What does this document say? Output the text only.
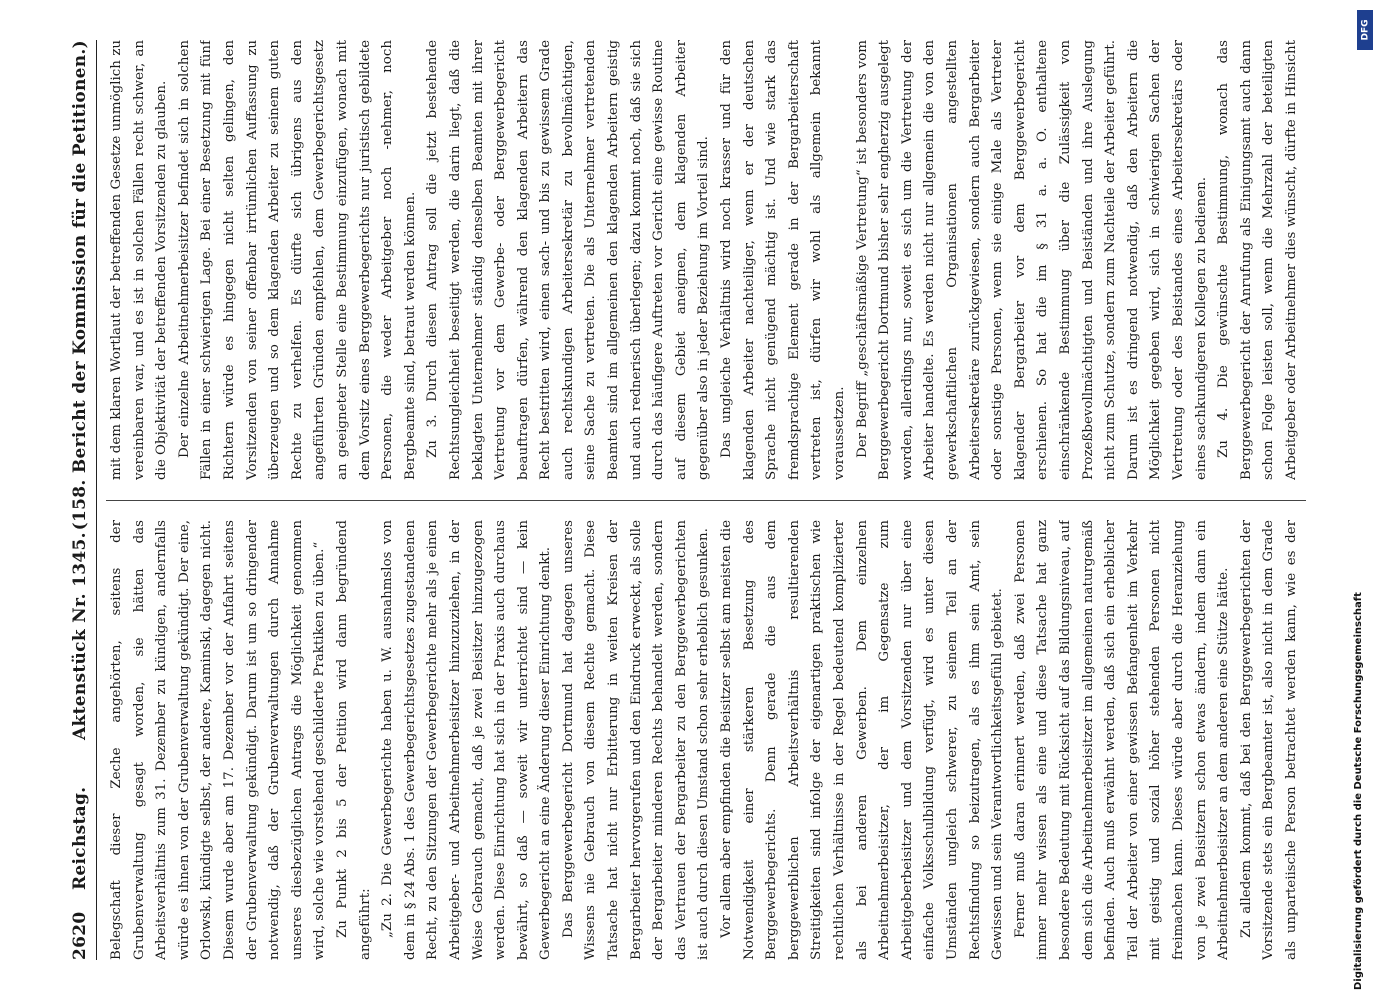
2620
Reichstag.
Aktenstück Nr. 1345.
(158. Bericht der Kommission für die Petitionen.)

Belegschaft dieser Zeche angehörten, seitens der Grubenverwaltung gesagt worden, sie hätten das Arbeitsverhältnis zum 31. Dezember zu kündigen, andernfalls würde es ihnen von der Grubenverwaltung gekündigt. Der eine, Orlowski, kündigte selbst, der andere, Kaminski, dagegen nicht. Diesem wurde aber am 17. Dezember vor der Anfahrt seitens der Grubenverwaltung gekündigt. Darum ist um so dringender notwendig, daß der Grubenverwaltungen durch Annahme unseres diesbezüglichen Antrags die Möglichkeit genommen wird, solche wie vorstehend geschilderte Praktiken zu üben.“ Zu Punkt 2 bis 5 der Petition wird dann begründend angeführt: „Zu 2. Die Gewerbegerichte haben u. W. ausnahmslos von dem in § 24 Abs. 1 des Gewerbegerichtsgesetzes zugestandenen Recht, zu den Sitzungen der Gewerbegerichte mehr als je einen Arbeitgeber- und Arbeitnehmerbeisitzer hinzuzuziehen, in der Weise Gebrauch gemacht, daß je zwei Beisitzer hinzugezogen werden. Diese Einrichtung hat sich in der Praxis auch durchaus bewährt, so daß — soweit wir unterrichtet sind — kein Gewerbegericht an eine Änderung dieser Einrichtung denkt. Das Berggewerbegericht Dortmund hat dagegen unseres Wissens nie Gebrauch von diesem Rechte gemacht. Diese Tatsache hat nicht nur Erbitterung in weiten Kreisen der Bergarbeiter hervorgerufen und den Eindruck erweckt, als solle der Bergarbeiter minderen Rechts behandelt werden, sondern das Vertrauen der Bergarbeiter zu den Berggewerbegerichten ist auch durch diesen Umstand schon sehr erheblich gesunken. Vor allem aber empfinden die Beisitzer selbst am meisten die Notwendigkeit einer stärkeren Besetzung des Berggewerbegerichts. Denn gerade die aus dem berggewerblichen Arbeitsverhältnis resultierenden Streitigkeiten sind infolge der eigenartigen praktischen wie rechtlichen Verhältnisse in der Regel bedeutend komplizierter als bei anderen Gewerben. Dem einzelnen Arbeitnehmerbeisitzer, der im Gegensatze zum Arbeitgeberbeisitzer und dem Vorsitzenden nur über eine einfache Volksschulbildung verfügt, wird es unter diesen Umständen ungleich schwerer, zu seinem Teil an der Rechtsfindung so beizutragen, als es ihm sein Amt, sein Gewissen und sein Verantwortlichkeitsgefühl gebietet. Ferner muß daran erinnert werden, daß zwei Personen immer mehr wissen als eine und diese Tatsache hat ganz besondere Bedeutung mit Rücksicht auf das Bildungsniveau, auf dem sich die Arbeitnehmerbeisitzer im allgemeinen naturgemäß befinden. Auch muß erwähnt werden, daß sich ein erheblicher Teil der Arbeiter von einer gewissen Befangenheit im Verkehr mit geistig und sozial höher stehenden Personen nicht freimachen kann. Dieses würde aber durch die Heranziehung von je zwei Beisitzern schon etwas ändern, indem dann ein Arbeitnehmerbeisitzer an dem anderen eine Stütze hätte. Zu alledem kommt, daß bei den Berggewerbegerichten der Vorsitzende stets ein Bergbeamter ist, also nicht in dem Grade als unparteiische Person betrachtet werden kann, wie es der

mit dem klaren Wortlaut der betreffenden Gesetze unmöglich zu vereinbaren war, und es ist in solchen Fällen recht schwer, an die Objektivität der betreffenden Vorsitzenden zu glauben. Der einzelne Arbeitnehmerbeisitzer befindet sich in solchen Fällen in einer schwierigen Lage. Bei einer Besetzung mit fünf Richtern würde es hingegen nicht selten gelingen, den Vorsitzenden von seiner offenbar irrtümlichen Auffassung zu überzeugen und so dem klagenden Arbeiter zu seinem guten Rechte zu verhelfen. Es dürfte sich übrigens aus den angeführten Gründen empfehlen, dem Gewerbegerichtsgesetz an geeigneter Stelle eine Bestimmung einzufügen, wonach mit dem Vorsitz eines Berggewerbegerichts nur juristisch gebildete Personen, die weder Arbeitgeber noch -nehmer, noch Bergbeamte sind, betraut werden können. Zu 3. Durch diesen Antrag soll die jetzt bestehende Rechtsungleichheit beseitigt werden, die darin liegt, daß die beklagten Unternehmer ständig denselben Beamten mit ihrer Vertretung vor dem Gewerbe- oder Berggewerbegericht beauftragen dürfen, während den klagenden Arbeitern das Recht bestritten wird, einen sach- und bis zu gewissem Grade auch rechtskundigen Arbeitersekretär zu bevollmächtigen, seine Sache zu vertreten. Die als Unternehmer vertretenden Beamten sind im allgemeinen den klagenden Arbeitern geistig und auch rednerisch überlegen; dazu kommt noch, daß sie sich durch das häufigere Auftreten vor Gericht eine gewisse Routine auf diesem Gebiet aneignen, dem klagenden Arbeiter gegenüber also in jeder Beziehung im Vorteil sind. Das ungleiche Verhältnis wird noch krasser und für den klagenden Arbeiter nachteiliger, wenn er der deutschen Sprache nicht genügend mächtig ist. Und wie stark das fremdsprachige Element gerade in der Bergarbeiterschaft vertreten ist, dürfen wir wohl als allgemein bekannt voraussetzen. Der Begriff „geschäftsmäßige Vertretung“ ist besonders vom Berggewerbegericht Dortmund bisher sehr engherzig ausgelegt worden, allerdings nur, soweit es sich um die Vertretung der Arbeiter handelte. Es werden nicht nur allgemein die von den gewerkschaftlichen Organisationen angestellten Arbeitersekretäre zurückgewiesen, sondern auch Bergarbeiter oder sonstige Personen, wenn sie einige Male als Vertreter klagender Bergarbeiter vor dem Berggewerbegericht erschienen. So hat die im § 31 a. a. O. enthaltene einschränkende Bestimmung über die Zulässigkeit von Prozeßbevollmächtigten und Beiständen und ihre Auslegung nicht zum Schutze, sondern zum Nachteile der Arbeiter geführt. Darum ist es dringend notwendig, daß den Arbeitern die Möglichkeit gegeben wird, sich in schwierigen Sachen der Vertretung oder des Beistandes eines Arbeitersekretärs oder eines sachkundigeren Kollegen zu bedienen. Zu 4. Die gewünschte Bestimmung, wonach das Berggewerbegericht der Anrufung als Einigungsamt auch dann schon Folge leisten soll, wenn die Mehrzahl der beteiligten Arbeitgeber oder Arbeitnehmer dies wünscht, dürfte in Hinsicht

DFG
Digitalisierung gefördert durch die Deutsche Forschungsgemeinschaft
